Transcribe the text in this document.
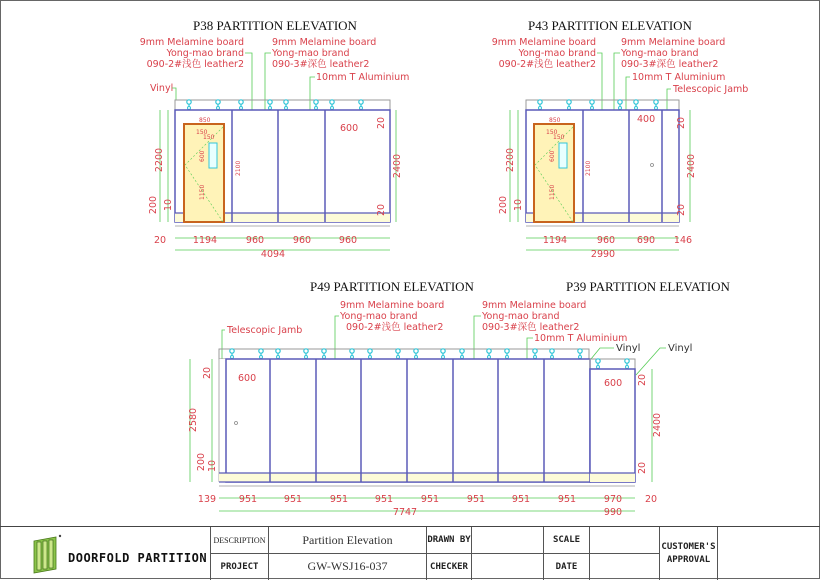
P38 PARTITION ELEVATION
9mm Melamine board
Yong-mao brand
090-2#浅色 leather2
9mm Melamine board
Yong-mao brand
090-3#深色 leather2
10mm T Aluminium
Vinyl
850
150
150
600
1150
2100
600
20	1194	960	960	960
4094
2200
200 10
2400
20
20
P43 PARTITION ELEVATION
9mm Melamine board
Yong-mao brand
090-2#浅色 leather2
9mm Melamine board
Yong-mao brand
090-3#深色 leather2
10mm T Aluminium
Telescopic Jamb
850
150
150
600
1150
2100
400
1194	960 690 146
2990
2200
200 10
2400
20
20
P49 PARTITION ELEVATION
9mm Melamine board
Yong-mao brand
090-2#浅色 leather2
9mm Melamine board
Yong-mao brand
090-3#深色 leather2
10mm T Aluminium
Telescopic Jamb
600
2580
20
200 10
139 951	951	951	951	951	951	951	951
7747
P39 PARTITION ELEVATION
Vinyl	Vinyl
600
2400
20
20
970 20
990
DOORFOLD PARTITION
DESCRIPTION	Partition Elevation
PROJECT	GW-WSJ16-037
DRAWN BY
CHECKER
SCALE
DATE
CUSTOMER'S
APPROVAL
